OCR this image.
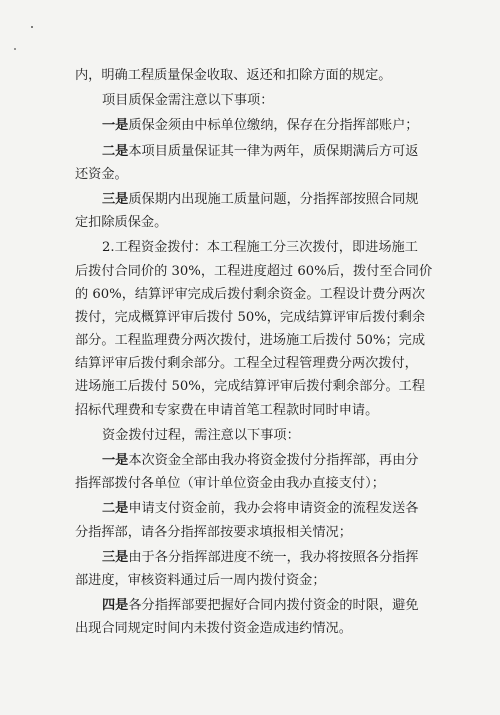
内，明确工程质量保金收取、返还和扣除方面的规定。
项目质保金需注意以下事项：
一是质保金须由中标单位缴纳，保存在分指挥部账户；
二是本项目质量保证其一律为两年，质保期满后方可返
还资金。
三是质保期内出现施工质量问题，分指挥部按照合同规
定扣除质保金。
2.工程资金拨付：本工程施工分三次拨付，即进场施工
后拨付合同价的 30%，工程进度超过 60%后，拨付至合同价
的 60%，结算评审完成后拨付剩余资金。工程设计费分两次
拨付，完成概算评审后拨付 50%，完成结算评审后拨付剩余
部分。工程监理费分两次拨付，进场施工后拨付 50%；完成
结算评审后拨付剩余部分。工程全过程管理费分两次拨付，
进场施工后拨付 50%，完成结算评审后拨付剩余部分。工程
招标代理费和专家费在申请首笔工程款时同时申请。
资金拨付过程，需注意以下事项：
一是本次资金全部由我办将资金拨付分指挥部，再由分
指挥部拨付各单位（审计单位资金由我办直接支付）；
二是申请支付资金前，我办会将申请资金的流程发送各
分指挥部，请各分指挥部按要求填报相关情况；
三是由于各分指挥部进度不统一，我办将按照各分指挥
部进度，审核资料通过后一周内拨付资金；
四是各分指挥部要把握好合同内拨付资金的时限，避免
出现合同规定时间内未拨付资金造成违约情况。
